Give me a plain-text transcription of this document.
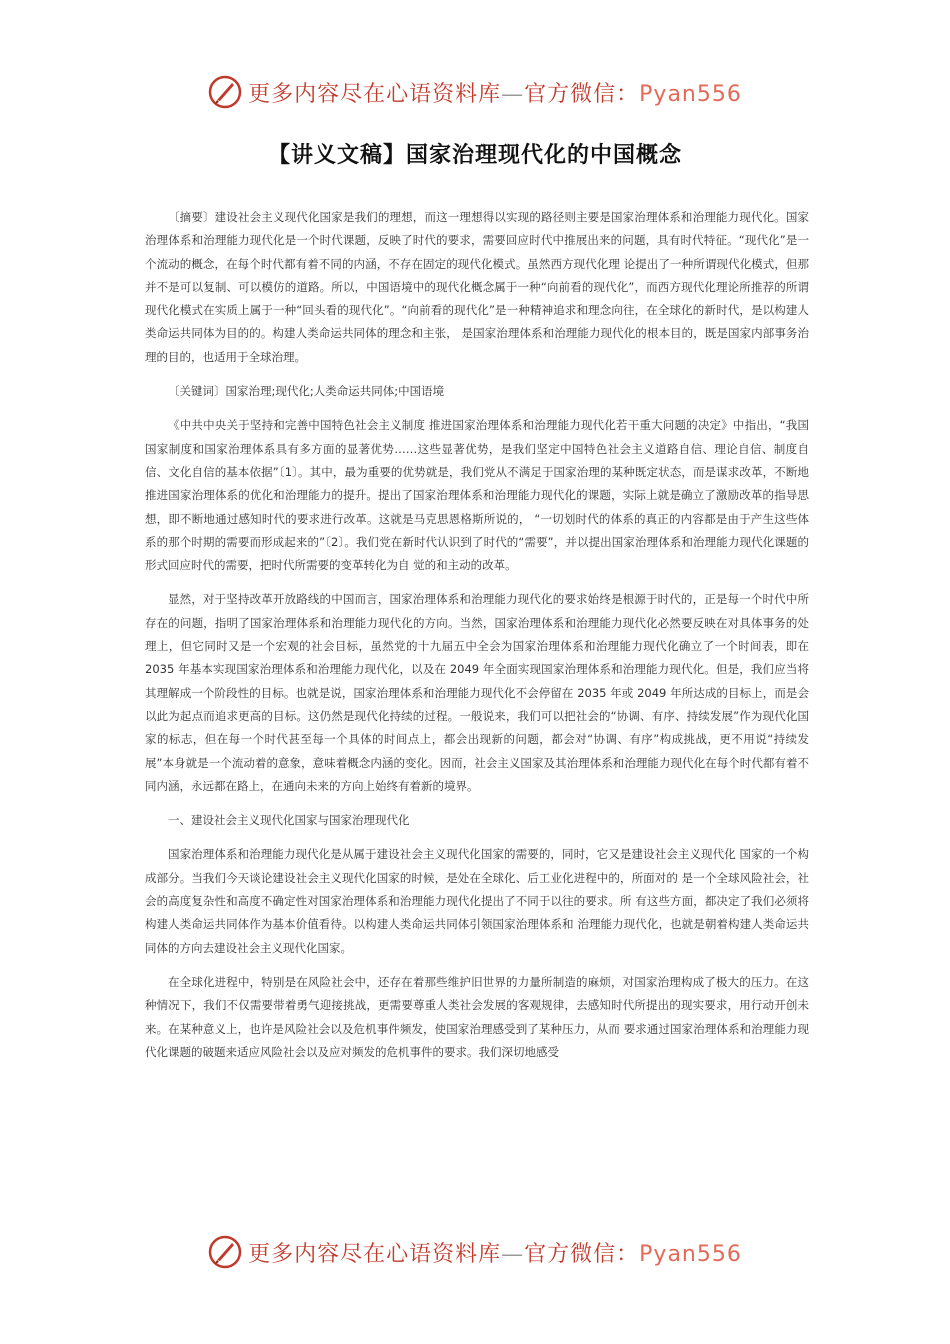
更多内容尽在心语资料库—官方微信：Pyan556
【讲义文稿】国家治理现代化的中国概念

〔摘要〕建设社会主义现代化国家是我们的理想，而这一理想得以实现的路径则主要是国家治理体系和治理能力现代化。国家治理体系和治理能力现代化是一个时代课题，反映了时代的要求，需要回应时代中推展出来的问题，具有时代特征。“现代化”是一个流动的概念，在每个时代都有着不同的内涵，不存在固定的现代化模式。虽然西方现代化理 论提出了一种所谓现代化模式，但那并不是可以复制、可以模仿的道路。所以，中国语境中的现代化概念属于一种“向前看的现代化”，而西方现代化理论所推荐的所谓现代化模式在实质上属于一种“回头看的现代化”。“向前看的现代化”是一种精神追求和理念向往，在全球化的新时代，是以构建人类命运共同体为目的的。构建人类命运共同体的理念和主张， 是国家治理体系和治理能力现代化的根本目的，既是国家内部事务治理的目的，也适用于全球治理。

〔关键词〕国家治理;现代化;人类命运共同体;中国语境

《中共中央关于坚持和完善中国特色社会主义制度 推进国家治理体系和治理能力现代化若干重大问题的决定》中指出，“我国国家制度和国家治理体系具有多方面的显著优势……这些显著优势，是我们坚定中国特色社会主义道路自信、理论自信、制度自信、文化自信的基本依据”〔1〕。其中，最为重要的优势就是，我们党从不满足于国家治理的某种既定状态，而是谋求改革，不断地推进国家治理体系的优化和治理能力的提升。提出了国家治理体系和治理能力现代化的课题，实际上就是确立了激励改革的指导思想，即不断地通过感知时代的要求进行改革。这就是马克思恩格斯所说的， “一切划时代的体系的真正的内容都是由于产生这些体系的那个时期的需要而形成起来的”〔2〕。我们党在新时代认识到了时代的“需要”，并以提出国家治理体系和治理能力现代化课题的形式回应时代的需要，把时代所需要的变革转化为自 觉的和主动的改革。

显然，对于坚持改革开放路线的中国而言，国家治理体系和治理能力现代化的要求始终是根源于时代的，正是每一个时代中所存在的问题，指明了国家治理体系和治理能力现代化的方向。当然，国家治理体系和治理能力现代化必然要反映在对具体事务的处理上，但它同时又是一个宏观的社会目标，虽然党的十九届五中全会为国家治理体系和治理能力现代化确立了一个时间表，即在 2035 年基本实现国家治理体系和治理能力现代化，以及在 2049 年全面实现国家治理体系和治理能力现代化。但是，我们应当将其理解成一个阶段性的目标。也就是说，国家治理体系和治理能力现代化不会停留在 2035 年或 2049 年所达成的目标上，而是会以此为起点而追求更高的目标。这仍然是现代化持续的过程。一般说来，我们可以把社会的“协调、有序、持续发展”作为现代化国家的标志，但在每一个时代甚至每一个具体的时间点上，都会出现新的问题，都会对“协调、有序”构成挑战，更不用说“持续发展”本身就是一个流动着的意象，意味着概念内涵的变化。因而，社会主义国家及其治理体系和治理能力现代化在每个时代都有着不同内涵，永远都在路上，在通向未来的方向上始终有着新的境界。

一、建设社会主义现代化国家与国家治理现代化

国家治理体系和治理能力现代化是从属于建设社会主义现代化国家的需要的，同时，它又是建设社会主义现代化 国家的一个构成部分。当我们今天谈论建设社会主义现代化国家的时候，是处在全球化、后工业化进程中的，所面对的 是一个全球风险社会，社会的高度复杂性和高度不确定性对国家治理体系和治理能力现代化提出了不同于以往的要求。所 有这些方面，都决定了我们必须将构建人类命运共同体作为基本价值看待。以构建人类命运共同体引领国家治理体系和 治理能力现代化，也就是朝着构建人类命运共同体的方向去建设社会主义现代化国家。

在全球化进程中，特别是在风险社会中，还存在着那些维护旧世界的力量所制造的麻烦，对国家治理构成了极大的压力。在这种情况下，我们不仅需要带着勇气迎接挑战，更需要尊重人类社会发展的客观规律，去感知时代所提出的现实要求，用行动开创未来。在某种意义上，也许是风险社会以及危机事件频发，使国家治理感受到了某种压力，从而 要求通过国家治理体系和治理能力现代化课题的破题来适应风险社会以及应对频发的危机事件的要求。我们深切地感受

更多内容尽在心语资料库—官方微信：Pyan556
